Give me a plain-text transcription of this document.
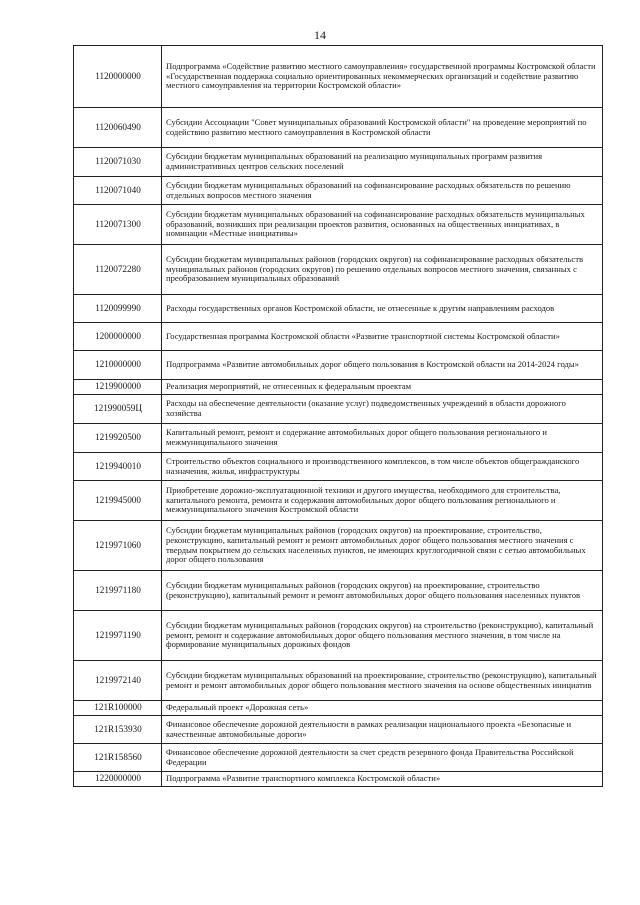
14
1120000000	Подпрограмма «Содействие развитию местного самоуправления» государственной программы Костромской области «Государственная поддержка социально ориентированных некоммерческих организаций и содействие развитию местного самоуправления на территории Костромской области»
1120060490	Субсидии Ассоциации "Совет муниципальных образований Костромской области" на проведение мероприятий по содействию развитию местного самоуправления в Костромской области
1120071030	Субсидии бюджетам муниципальных образований на реализацию муниципальных программ развития административных центров сельских поселений
1120071040	Субсидии бюджетам муниципальных образований на софинансирование расходных обязательств по решению отдельных вопросов местного значения
1120071300	Субсидии бюджетам муниципальных образований на софинансирование расходных обязательств муниципальных образований, возникших при реализации проектов развития, основанных на общественных инициативах, в номинации «Местные инициативы»
1120072280	Субсидии бюджетам муниципальных районов (городских округов) на софинансирование расходных обязательств муниципальных районов (городских округов) по решению отдельных вопросов местного значения, связанных с преобразованием муниципальных образований
1120099990	Расходы государственных органов Костромской области, не отнесенные к другим направлениям расходов
1200000000	Государственная программа Костромской области «Развитие транспортной системы Костромской области»
1210000000	Подпрограмма «Развитие автомобильных дорог общего пользования в Костромской области на 2014-2024 годы»
1219900000	Реализация мероприятий, не отнесенных к федеральным проектам
121990059Ц	Расходы на обеспечение деятельности (оказание услуг) подведомственных учреждений в области дорожного хозяйства
1219920500	Капитальный ремонт, ремонт и содержание автомобильных дорог общего пользования регионального и межмуниципального значения
1219940010	Строительство объектов социального и производственного комплексов, в том числе объектов общегражданского назначения, жилья, инфраструктуры
1219945000	Приобретение дорожно-эксплуатационной техники и другого имущества, необходимого для строительства, капитального ремонта, ремонта и содержания автомобильных дорог общего пользования регионального и межмуниципального значения Костромской области
1219971060	Субсидии бюджетам муниципальных районов (городских округов) на проектирование, строительство, реконструкцию, капитальный ремонт и ремонт автомобильных дорог общего пользования местного значения с твердым покрытием до сельских населенных пунктов, не имеющих круглогодичной связи с сетью автомобильных дорог общего пользования
1219971180	Субсидии бюджетам муниципальных районов (городских округов) на проектирование, строительство (реконструкцию), капитальный ремонт и ремонт автомобильных дорог общего пользования населенных пунктов
1219971190	Субсидии бюджетам муниципальных районов (городских округов) на строительство (реконструкцию), капитальный ремонт, ремонт и содержание автомобильных дорог общего пользования местного значения, в том числе на формирование муниципальных дорожных фондов
1219972140	Субсидии бюджетам муниципальных образований на проектирование, строительство (реконструкцию), капитальный ремонт и ремонт автомобильных дорог общего пользования местного значения на основе общественных инициатив
121R100000	Федеральный проект «Дорожная сеть»
121R153930	Финансовое обеспечение дорожной деятельности в рамках реализации национального проекта «Безопасные и качественные автомобильные дороги»
121R158560	Финансовое обеспечение дорожной деятельности за счет средств резервного фонда Правительства Российской Федерации
1220000000	Подпрограмма «Развитие транспортного комплекса Костромской области»
